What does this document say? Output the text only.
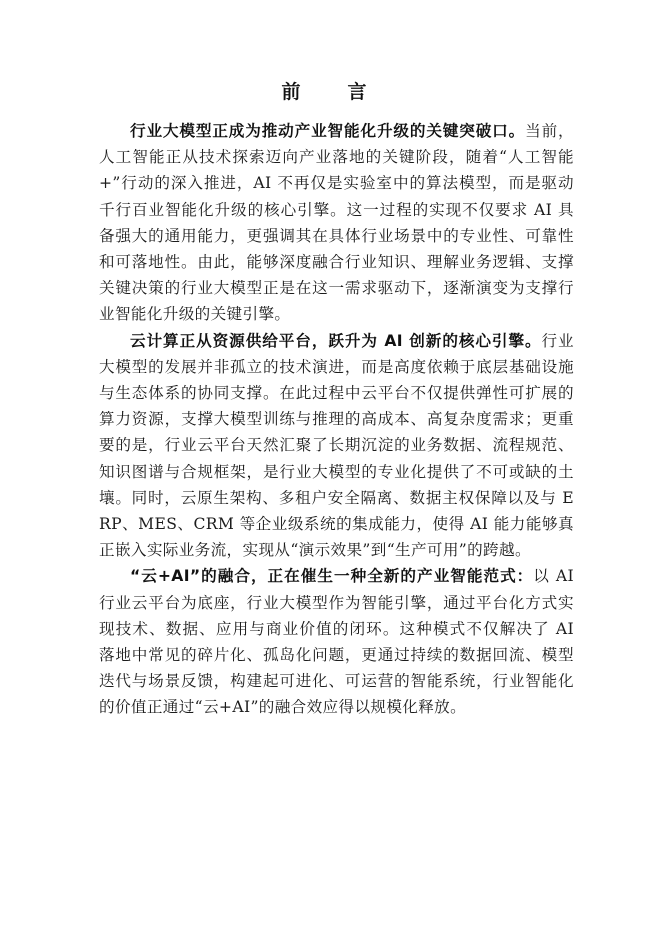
前　言

行业大模型正成为推动产业智能化升级的关键突破口。当前，人工智能正从技术探索迈向产业落地的关键阶段，随着“人工智能+”行动的深入推进，AI 不再仅是实验室中的算法模型，而是驱动千行百业智能化升级的核心引擎。这一过程的实现不仅要求 AI 具备强大的通用能力，更强调其在具体行业场景中的专业性、可靠性和可落地性。由此，能够深度融合行业知识、理解业务逻辑、支撑关键决策的行业大模型正是在这一需求驱动下，逐渐演变为支撑行业智能化升级的关键引擎。

云计算正从资源供给平台，跃升为 AI 创新的核心引擎。行业大模型的发展并非孤立的技术演进，而是高度依赖于底层基础设施与生态体系的协同支撑。在此过程中云平台不仅提供弹性可扩展的算力资源，支撑大模型训练与推理的高成本、高复杂度需求；更重要的是，行业云平台天然汇聚了长期沉淀的业务数据、流程规范、知识图谱与合规框架，是行业大模型的专业化提供了不可或缺的土壤。同时，云原生架构、多租户安全隔离、数据主权保障以及与 ERP、MES、CRM 等企业级系统的集成能力，使得 AI 能力能够真正嵌入实际业务流，实现从“演示效果”到“生产可用”的跨越。

“云+AI”的融合，正在催生一种全新的产业智能范式：以 AI 行业云平台为底座，行业大模型作为智能引擎，通过平台化方式实现技术、数据、应用与商业价值的闭环。这种模式不仅解决了 AI 落地中常见的碎片化、孤岛化问题，更通过持续的数据回流、模型迭代与场景反馈，构建起可进化、可运营的智能系统，行业智能化的价值正通过“云+AI”的融合效应得以规模化释放。
